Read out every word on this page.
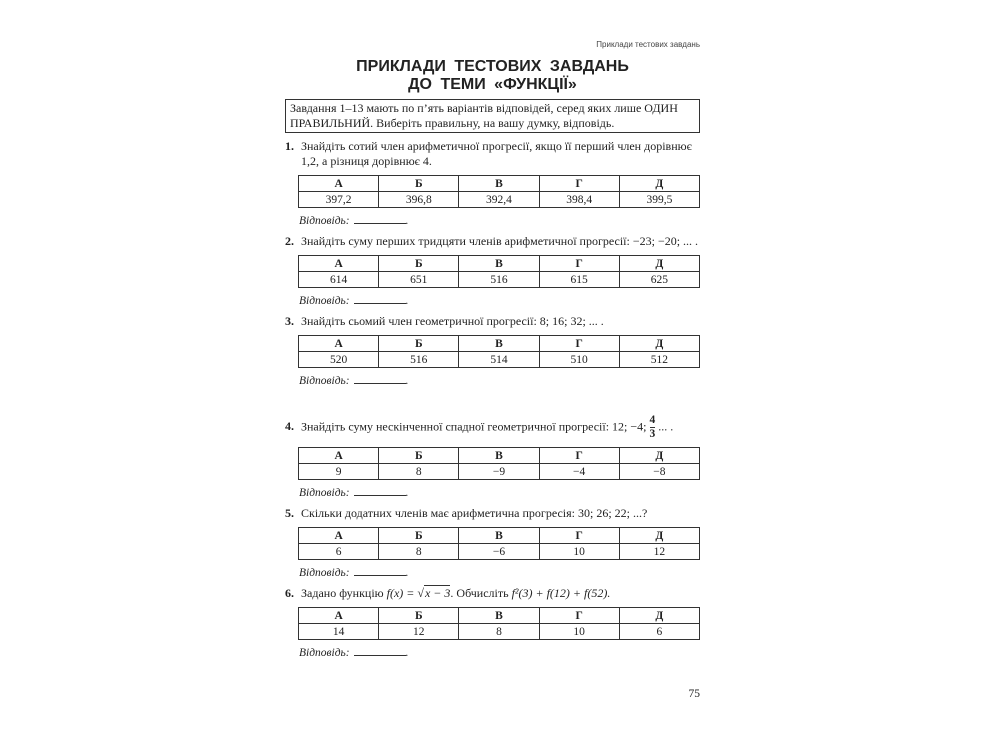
Приклади тестових завдань
ПРИКЛАДИ ТЕСТОВИХ ЗАВДАНЬ
ДО ТЕМИ «ФУНКЦІЇ»
Завдання 1–13 мають по п’ять варіантів відповідей, серед яких лише ОДИН ПРАВИЛЬНИЙ. Виберіть правильну, на вашу думку, відповідь.
1. Знайдіть сотий член арифметичної прогресії, якщо її перший член дорівнює 1,2, а різниця дорівнює 4.
А	Б	В	Г	Д
397,2	396,8	392,4	398,4	399,5
Відповідь:	.
2. Знайдіть суму перших тридцяти членів арифметичної прогресії: −23; −20; ... .
А	Б	В	Г	Д
614	651	516	615	625
Відповідь:	.
3. Знайдіть сьомий член геометричної прогресії: 8; 16; 32; ... .
А	Б	В	Г	Д
520	516	514	510	512
Відповідь:	.
4. Знайдіть суму нескінченної спадної геометричної прогресії: 12; −4; $\frac{4}{3}$ ... .
А	Б	В	Г	Д
9	8	−9	−4	−8
Відповідь:	.
5. Скільки додатних членів має арифметична прогресія: 30; 26; 22; ...?
А	Б	В	Г	Д
6	8	−6	10	12
Відповідь:	.
6. Задано функцію f(x) = √x − 3. Обчисліть f²(3) + f(12) + f(52).
А	Б	В	Г	Д
14	12	8	10	6
Відповідь:	.
75
